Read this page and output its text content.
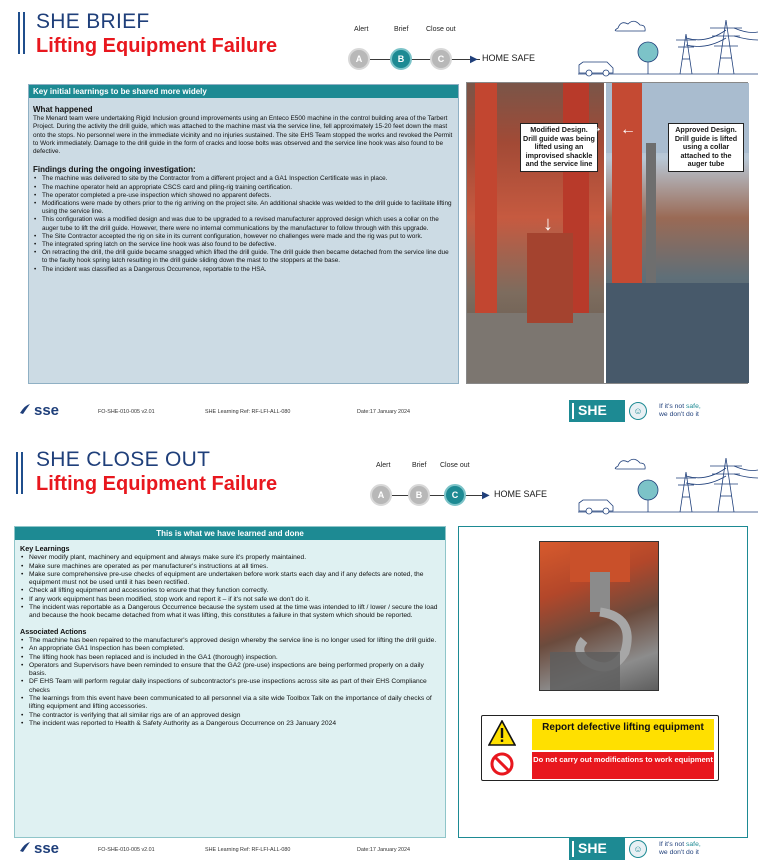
SHE BRIEF
Lifting Equipment Failure
Alert	Brief	Close out
A	B	C	▶ HOME SAFE
Key initial learnings to be shared more widely
What happened
The Menard team were undertaking Rigid Inclusion ground improvements using an Enteco E500 machine in the control building area of the Tarbert Project. During the activity the drill guide, which was attached to the machine mast via the service line, fell approximately 15-20 feet down the mast onto the stops. No personnel were in the immediate vicinity and no injuries sustained. The site EHS Team stopped the works and revoked the Permit to Work immediately. Damage to the drill guide in the form of cracks and loose bolts was observed and the service line hook was also found to be defective.
Findings during the ongoing investigation:
• The machine was delivered to site by the Contractor from a different project and a GA1 Inspection Certificate was in place.
• The machine operator held an appropriate CSCS card and piling-rig training certification.
• The operator completed a pre-use inspection which showed no apparent defects.
• Modifications were made by others prior to the rig arriving on the project site. An additional shackle was welded to the drill guide to facilitate lifting using the service line.
• This configuration was a modified design and was due to be upgraded to a revised manufacturer approved design which uses a collar on the auger tube to lift the drill guide. However, there were no internal communications by the manufacturer to follow through with this upgrade.
• The Site Contractor accepted the rig on site in its current configuration, however no challenges were made and the rig was put to work.
• The integrated spring latch on the service line hook was also found to be defective.
• On retracting the drill, the drill guide became snagged which lifted the drill guide. The drill guide then became detached from the service line due to the faulty hook spring latch resulting in the drill guide sliding down the mast to the stoppers at the base.
• The incident was classified as a Dangerous Occurrence, reportable to the HSA.
Modified Design. Drill guide was being lifted using an improvised shackle and the service line
→
↓
Approved Design. Drill guide is lifted using a collar attached to the auger tube
←
sse	FO-SHE-010-005 v2.01	SHE Learning Ref: RF-LFI-ALL-080	Date:17 January 2024	SHE	☺	If it's not safe,
we don't do it
SHE CLOSE OUT
Lifting Equipment Failure
Alert	Brief Close out
A	B	C	▶ HOME SAFE
This is what we have learned and done
Key Learnings
• Never modify plant, machinery and equipment and always make sure it's properly maintained.
• Make sure machines are operated as per manufacturer's instructions at all times.
• Make sure comprehensive pre-use checks of equipment are undertaken before work starts each day and if any defects are noted, the equipment must not be used until it has been rectified.
• Check all lifting equipment and accessories to ensure that they function correctly.
• If any work equipment has been modified, stop work and report it – if it's not safe we don't do it.
• The incident was reportable as a Dangerous Occurrence because the system used at the time was intended to lift / lower / secure the load and because the hook became detached from what it was lifting, this constitutes a failure in that system which should be reported.
Associated Actions
• The machine has been repaired to the manufacturer's approved design whereby the service line is no longer used for lifting the drill guide.
• An appropriate GA1 Inspection has been completed.
• The lifting hook has been replaced and is included in the GA1 (thorough) inspection.
• Operators and Supervisors have been reminded to ensure that the GA2 (pre-use) inspections are being performed properly on a daily basis.
• DF EHS Team will perform regular daily inspections of subcontractor's pre-use inspections across site as part of their EHS Compliance checks
• The learnings from this event have been communicated to all personnel via a site wide Toolbox Talk on the importance of daily checks of lifting equipment and lifting accessories.
• The contractor is verifying that all similar rigs are of an approved design
• The incident was reported to Health & Safety Authority as a Dangerous Occurrence on 23 January 2024	Report defective lifting equipment
Do not carry out modifications to work equipment
sse	FO-SHE-010-005 v2.01	SHE Learning Ref: RF-LFI-ALL-080	Date:17 January 2024	SHE	☺	If it's not safe,
we don't do it
